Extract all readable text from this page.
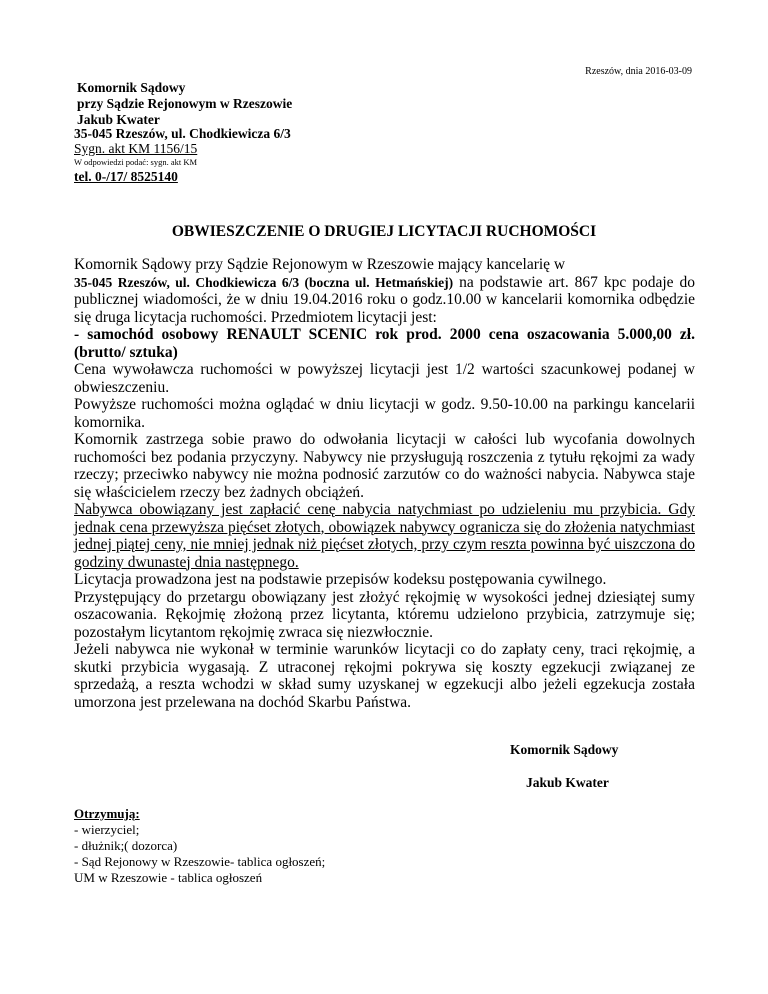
Rzeszów, dnia 2016-03-09
Komornik Sądowy
przy Sądzie Rejonowym w Rzeszowie
Jakub Kwater
35-045 Rzeszów, ul. Chodkiewicza 6/3
Sygn. akt KM 1156/15
W odpowiedzi podać: sygn. akt KM
tel. 0-/17/ 8525140
OBWIESZCZENIE O DRUGIEJ LICYTACJI RUCHOMOŚCI

Komornik Sądowy przy Sądzie Rejonowym w Rzeszowie mający kancelarię w
35-045 Rzeszów, ul. Chodkiewicza 6/3 (boczna ul. Hetmańskiej) na podstawie art. 867 kpc podaje do publicznej wiadomości, że w dniu 19.04.2016 roku o godz.10.00 w kancelarii komornika odbędzie się druga licytacja ruchomości. Przedmiotem licytacji jest:

- samochód osobowy RENAULT SCENIC rok prod. 2000 cena oszacowania 5.000,00 zł. (brutto/ sztuka)

Cena wywoławcza ruchomości w powyższej licytacji jest 1/2 wartości szacunkowej podanej w obwieszczeniu.

Powyższe ruchomości można oglądać w dniu licytacji w godz. 9.50-10.00 na parkingu kancelarii komornika.

Komornik zastrzega sobie prawo do odwołania licytacji w całości lub wycofania dowolnych ruchomości bez podania przyczyny. Nabywcy nie przysługują roszczenia z tytułu rękojmi za wady rzeczy; przeciwko nabywcy nie można podnosić zarzutów co do ważności nabycia. Nabywca staje się właścicielem rzeczy bez żadnych obciążeń.

Nabywca obowiązany jest zapłacić cenę nabycia natychmiast po udzieleniu mu przybicia. Gdy jednak cena przewyższa pięćset złotych, obowiązek nabywcy ogranicza się do złożenia natychmiast jednej piątej ceny, nie mniej jednak niż pięćset złotych, przy czym reszta powinna być uiszczona do godziny dwunastej dnia następnego.

Licytacja prowadzona jest na podstawie przepisów kodeksu postępowania cywilnego.

Przystępujący do przetargu obowiązany jest złożyć rękojmię w wysokości jednej dziesiątej sumy oszacowania. Rękojmię złożoną przez licytanta, któremu udzielono przybicia, zatrzymuje się; pozostałym licytantom rękojmię zwraca się niezwłocznie.

Jeżeli nabywca nie wykonał w terminie warunków licytacji co do zapłaty ceny, traci rękojmię, a skutki przybicia wygasają. Z utraconej rękojmi pokrywa się koszty egzekucji związanej ze sprzedażą, a reszta wchodzi w skład sumy uzyskanej w egzekucji albo jeżeli egzekucja została umorzona jest przelewana na dochód Skarbu Państwa.

Komornik Sądowy
Jakub Kwater
Otrzymują:
- wierzyciel;
- dłużnik;( dozorca)
- Sąd Rejonowy w Rzeszowie- tablica ogłoszeń;
UM w Rzeszowie - tablica ogłoszeń
